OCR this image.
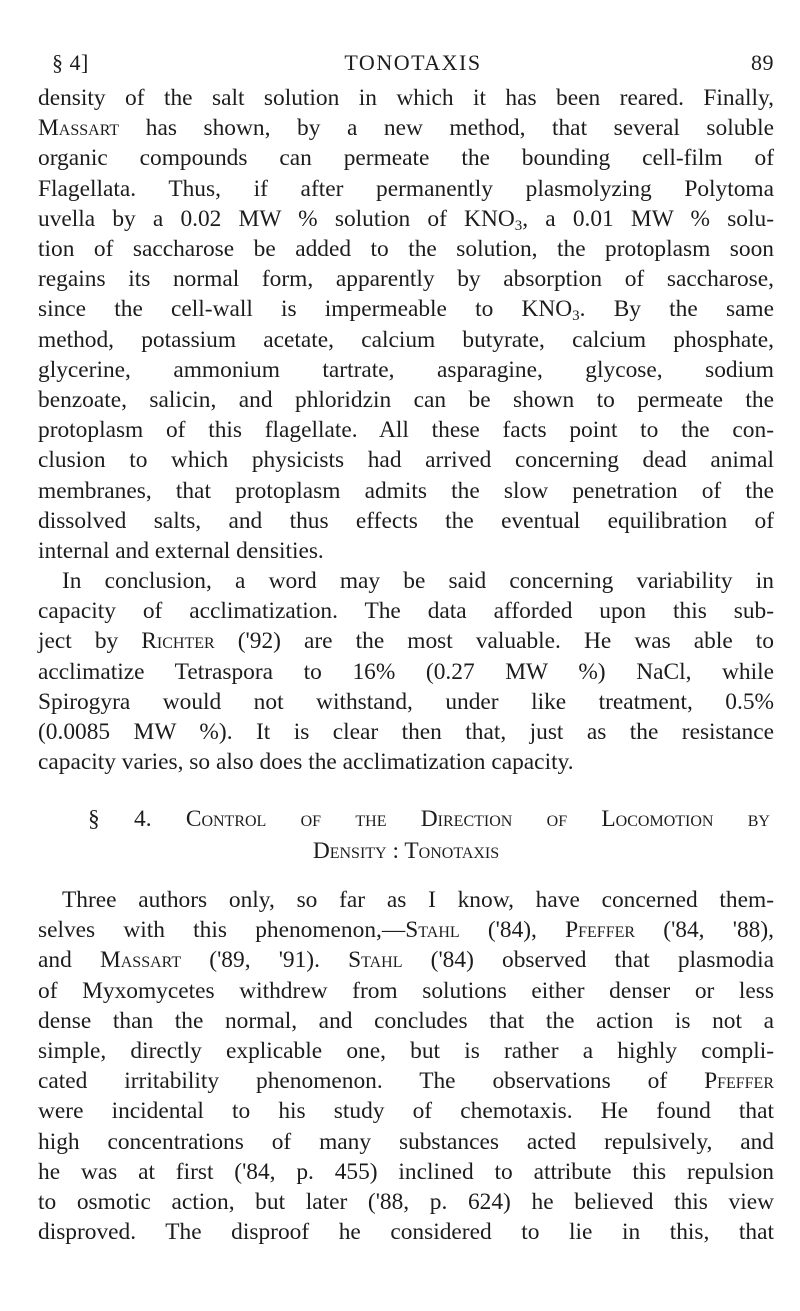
§ 4]	TONOTAXIS	89
density of the salt solution in which it has been reared. Finally,
Massart has shown, by a new method, that several soluble
organic compounds can permeate the bounding cell-film of
Flagellata. Thus, if after permanently plasmolyzing Polytoma
uvella by a 0.02 MW % solution of $KNO_3$, a 0.01 MW % solu-
tion of saccharose be added to the solution, the protoplasm soon
regains its normal form, apparently by absorption of saccharose,
since the cell-wall is impermeable to $KNO_3$. By the same
method, potassium acetate, calcium butyrate, calcium phosphate,
glycerine, ammonium tartrate, asparagine, glycose, sodium
benzoate, salicin, and phloridzin can be shown to permeate the
protoplasm of this flagellate. All these facts point to the con-
clusion to which physicists had arrived concerning dead animal
membranes, that protoplasm admits the slow penetration of the
dissolved salts, and thus effects the eventual equilibration of
internal and external densities.
In conclusion, a word may be said concerning variability in
capacity of acclimatization. The data afforded upon this sub-
ject by Richter ('92) are the most valuable. He was able to
acclimatize Tetraspora to 16% (0.27 MW %) NaCl, while
Spirogyra would not withstand, under like treatment, 0.5%
(0.0085 MW %). It is clear then that, just as the resistance
capacity varies, so also does the acclimatization capacity.
§ 4. Control of the Direction of Locomotion by
Density : Tonotaxis
Three authors only, so far as I know, have concerned them-
selves with this phenomenon,—Stahl ('84), Pfeffer ('84, '88),
and Massart ('89, '91). Stahl ('84) observed that plasmodia
of Myxomycetes withdrew from solutions either denser or less
dense than the normal, and concludes that the action is not a
simple, directly explicable one, but is rather a highly compli-
cated irritability phenomenon. The observations of Pfeffer
were incidental to his study of chemotaxis. He found that
high concentrations of many substances acted repulsively, and
he was at first ('84, p. 455) inclined to attribute this repulsion
to osmotic action, but later ('88, p. 624) he believed this view
disproved. The disproof he considered to lie in this, that
